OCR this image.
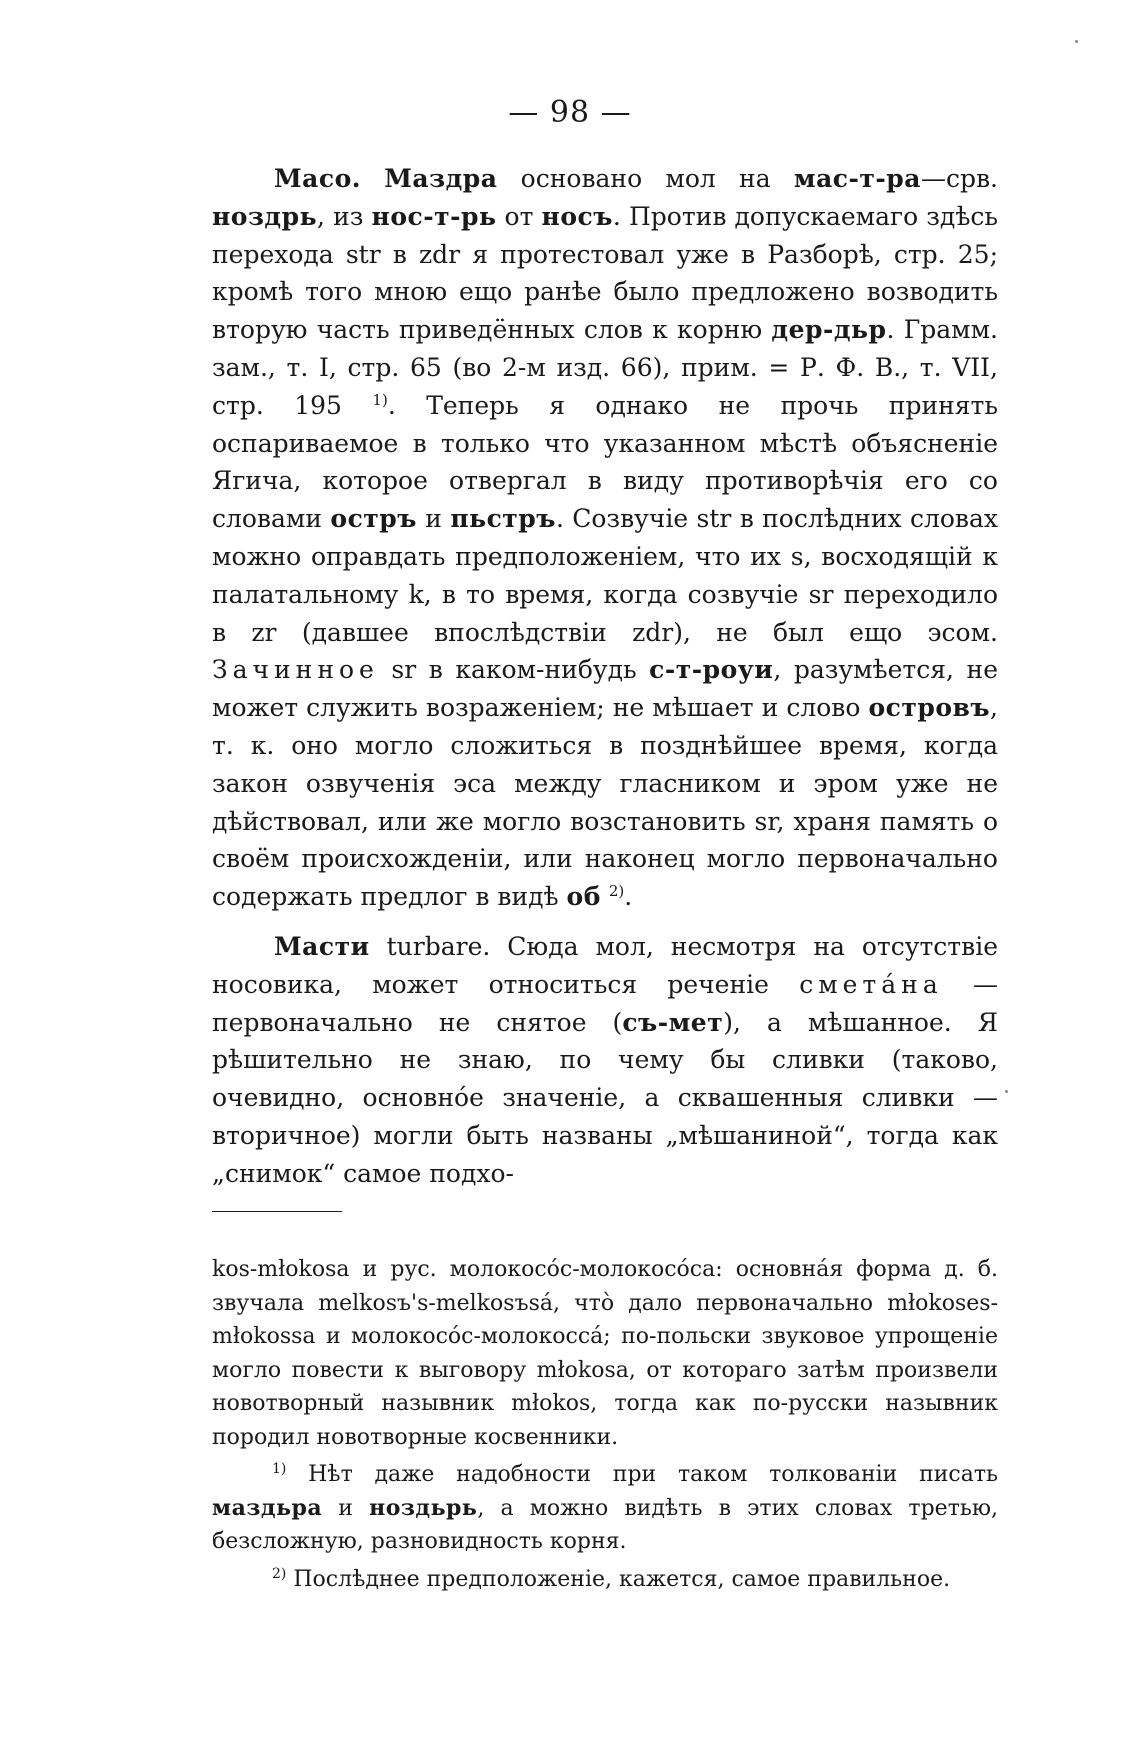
— 98 —

Масо. Маздра основано мол на мас-т-ра—срв. ноздрь, из нос-т-рь от носъ. Против допускаемаго здѣсь перехода str в zdr я протестовал уже в Разборѣ, стр. 25; кромѣ того мною ещо ранѣе было предложено возводить вторую часть приведённых слов к корню дер-дьр. Грамм. зам., т. I, стр. 65 (во 2-м изд. 66), прим. = Р. Ф. В., т. VII, стр. 195 $^{1)}$. Теперь я однако не прочь принять оспариваемое в только что указанном мѣстѣ объясненіе Ягича, которое отвергал в виду противорѣчія его со словами остръ и пьстръ. Созвучіе str в послѣдних словах можно оправдать предположеніем, что их s, восходящій к палатальному k, в то время, когда созвучіе sr переходило в zr (давшее впослѣдствіи zdr), не был ещо эсом. Зачинное sr в каком-нибудь с-т-роуи, разумѣется, не может служить возраженіем; не мѣшает и слово островъ, т. к. оно могло сложиться в позднѣйшее время, когда закон озвученія эса между гласником и эром уже не дѣйствовал, или же могло возстановить sr, храня память о своём происхожденіи, или наконец могло первоначально содержать предлог в видѣ об $^{2)}$.

Масти turbare. Сюда мол, несмотря на отсутствіе носовика, может относиться реченіе сметáна — первоначально не снятое (съ-мет), а мѣшанное. Я рѣшительно не знаю, по чему бы сливки (таково, очевидно, основнóе значеніе, а сквашенныя сливки — вторичное) могли быть названы „мѣшаниной“, тогда как „снимок“ самое подхо-

kos-młokosa и рус. молокосóс-молокосóса: основнáя форма д. б. звучала melkosъ's-melkosъsá, что̀ дало первоначально młokoses-młokossa и молокосóс-молокоссá; по-польски звуковое упрощеніе могло повести к выговору młokosa, от котораго затѣм произвели новотворный назывник młokos, тогда как по-русски назывник породил новотворные косвенники.

$^{1)}$ Нѣт даже надобности при таком толкованіи писать маздьра и ноздьрь, а можно видѣть в этих словах третью, безсложную, разновидность корня.

$^{2)}$ Послѣднее предположеніе, кажется, самое правильное.
